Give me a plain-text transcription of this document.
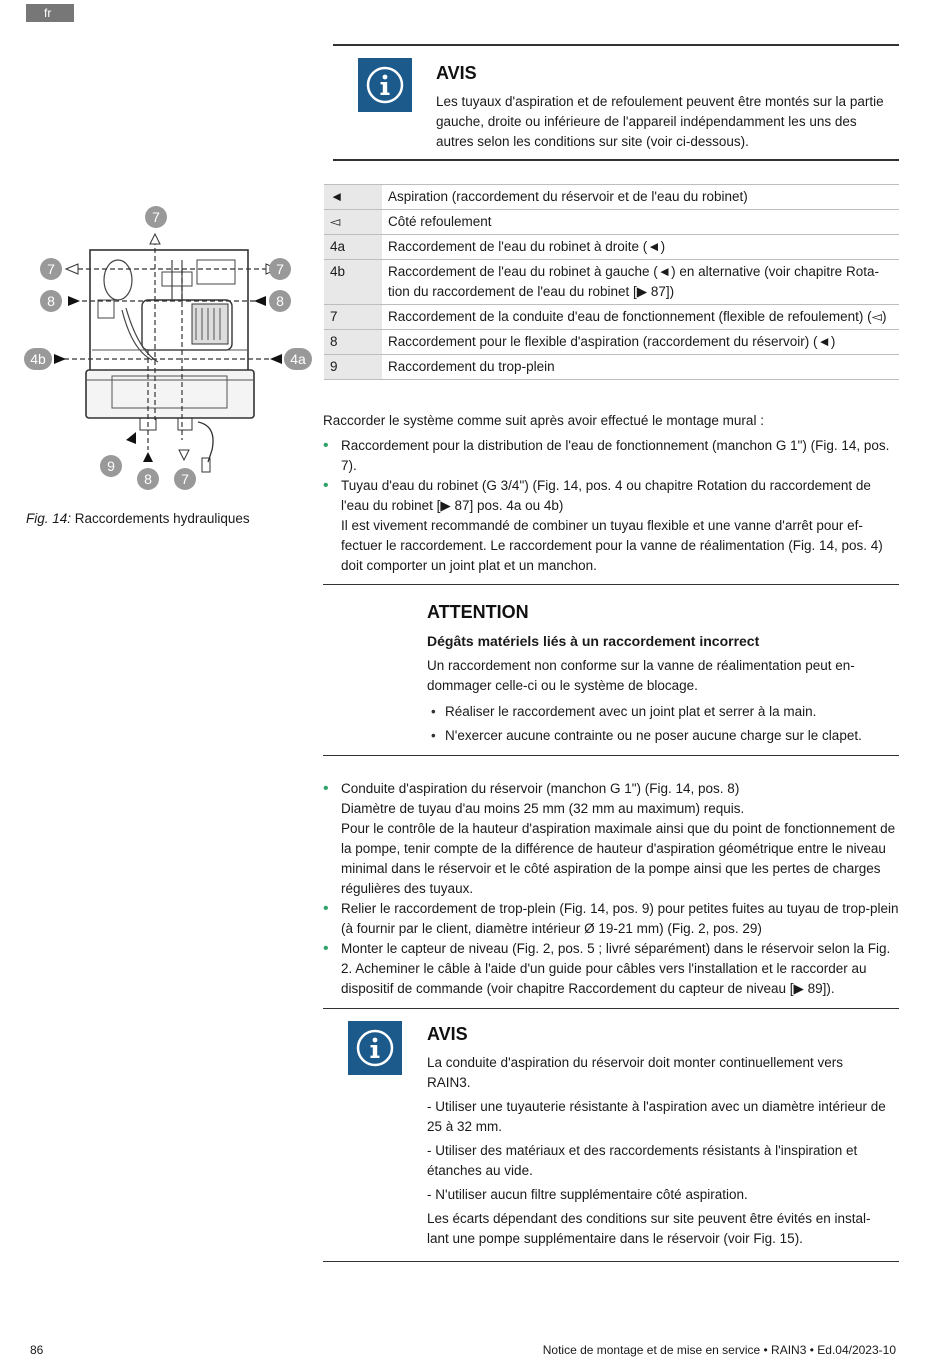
fr
AVIS
Les tuyaux d'aspiration et de refoulement peuvent être montés sur la partie gauche, droite ou inférieure de l'appareil indépendamment les uns des autres selon les conditions sur site (voir ci-dessous).
7
7
8
7
8
4b	4a
9
8	7
Fig. 14: Raccordements hydrauliques
◄	Aspiration (raccordement du réservoir et de l'eau du robinet)
◅	Côté refoulement
4a	Raccordement de l'eau du robinet à droite (◄)
4b	Raccordement de l'eau du robinet à gauche (◄) en alternative (voir chapitre Rota-tion du raccordement de l'eau du robinet [▶ 87])
7	Raccordement de la conduite d'eau de fonctionnement (flexible de refoulement) (◅)
8	Raccordement pour le flexible d'aspiration (raccordement du réservoir) (◄)
9	Raccordement du trop-plein

Raccorder le système comme suit après avoir effectué le montage mural :

• Raccordement pour la distribution de l'eau de fonctionnement (manchon G 1") (Fig. 14, pos. 7).

• Tuyau d'eau du robinet (G 3/4") (Fig. 14, pos. 4 ou chapitre Rotation du raccordement de l'eau du robinet [▶ 87] pos. 4a ou 4b)

Il est vivement recommandé de combiner un tuyau flexible et une vanne d'arrêt pour ef-fectuer le raccordement. Le raccordement pour la vanne de réalimentation (Fig. 14, pos. 4) doit comporter un joint plat et un manchon.

ATTENTION
Dégâts matériels liés à un raccordement incorrect
Un raccordement non conforme sur la vanne de réalimentation peut en-dommager celle-ci ou le système de blocage.
• Réaliser le raccordement avec un joint plat et serrer à la main.
• N'exercer aucune contrainte ou ne poser aucune charge sur le clapet.

• Conduite d'aspiration du réservoir (manchon G 1") (Fig. 14, pos. 8)

Diamètre de tuyau d'au moins 25 mm (32 mm au maximum) requis.

Pour le contrôle de la hauteur d'aspiration maximale ainsi que du point de fonctionnement de la pompe, tenir compte de la différence de hauteur d'aspiration géométrique entre le niveau minimal dans le réservoir et le côté aspiration de la pompe ainsi que les pertes de charges régulières des tuyaux.

• Relier le raccordement de trop-plein (Fig. 14, pos. 9) pour petites fuites au tuyau de trop-plein (à fournir par le client, diamètre intérieur Ø 19-21 mm) (Fig. 2, pos. 29)

• Monter le capteur de niveau (Fig. 2, pos. 5 ; livré séparément) dans le réservoir selon la Fig. 2. Acheminer le câble à l'aide d'un guide pour câbles vers l'installation et le raccorder au dispositif de commande (voir chapitre Raccordement du capteur de niveau [▶ 89]).

AVIS

La conduite d'aspiration du réservoir doit monter continuellement vers RAIN3.

- Utiliser une tuyauterie résistante à l'aspiration avec un diamètre intérieur de 25 à 32 mm.

- Utiliser des matériaux et des raccordements résistants à l'inspiration et étanches au vide.

- N'utiliser aucun filtre supplémentaire côté aspiration.

Les écarts dépendant des conditions sur site peuvent être évités en instal-lant une pompe supplémentaire dans le réservoir (voir Fig. 15).

86	Notice de montage et de mise en service • RAIN3 • Ed.04/2023-10
